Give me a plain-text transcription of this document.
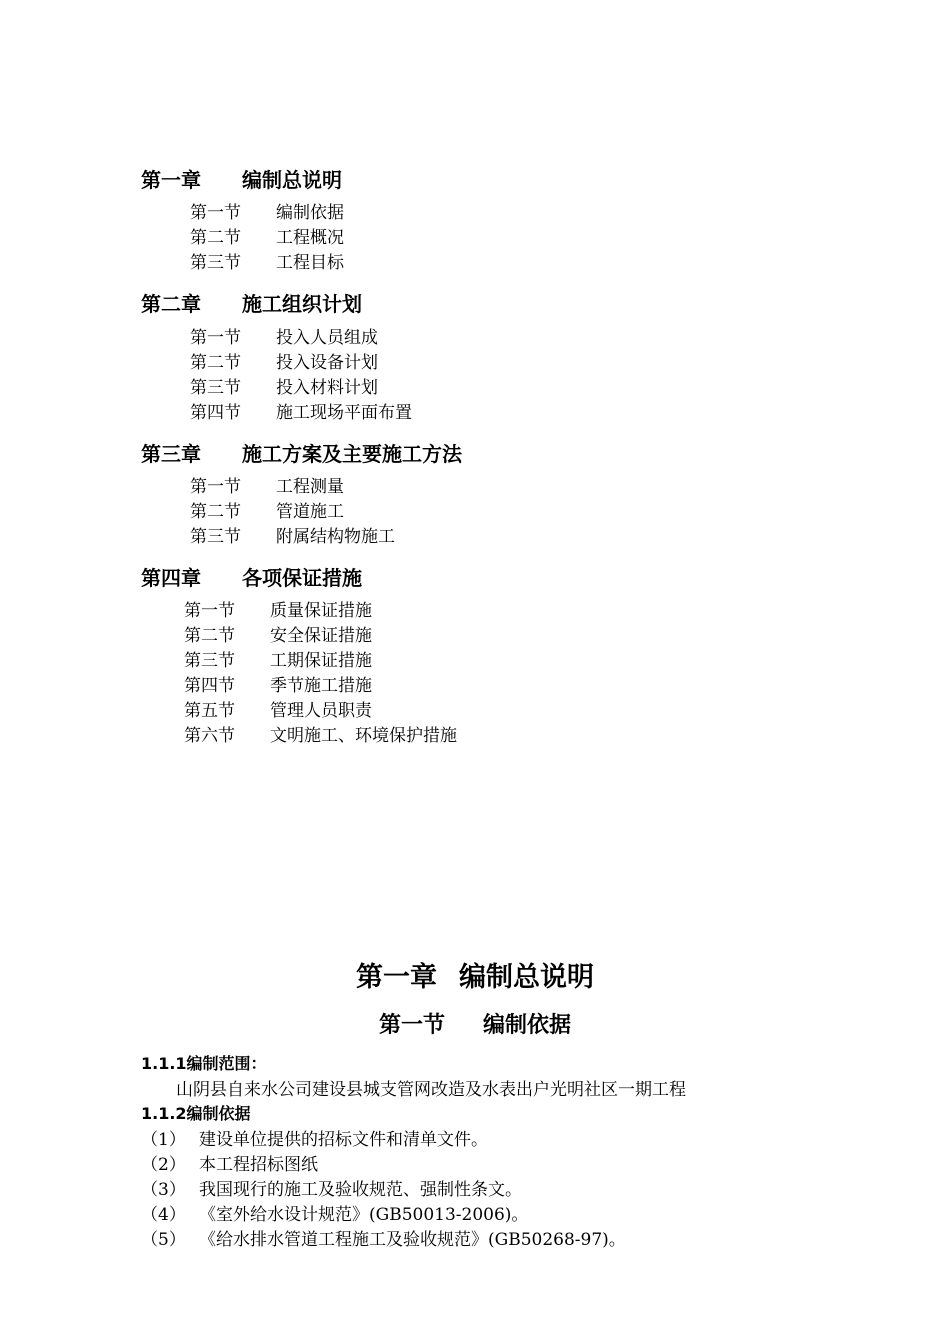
第一章 编制总说明
第一节 编制依据
第二节 工程概况
第三节 工程目标
第二章 施工组织计划
第一节 投入人员组成
第二节 投入设备计划
第三节 投入材料计划
第四节 施工现场平面布置
第三章 施工方案及主要施工方法
第一节 工程测量
第二节 管道施工
第三节 附属结构物施工
第四章 各项保证措施
第一节 质量保证措施
第二节 安全保证措施
第三节 工期保证措施
第四节 季节施工措施
第五节 管理人员职责
第六节 文明施工、环境保护措施
第一章 编制总说明
第一节 编制依据
1.1.1编制范围：
山阴县自来水公司建设县城支管网改造及水表出户光明社区一期工程
1.1.2编制依据
（1） 建设单位提供的招标文件和清单文件。
（2） 本工程招标图纸
（3） 我国现行的施工及验收规范、强制性条文。
（4） 《室外给水设计规范》(GB50013-2006)。
（5） 《给水排水管道工程施工及验收规范》(GB50268-97)。
